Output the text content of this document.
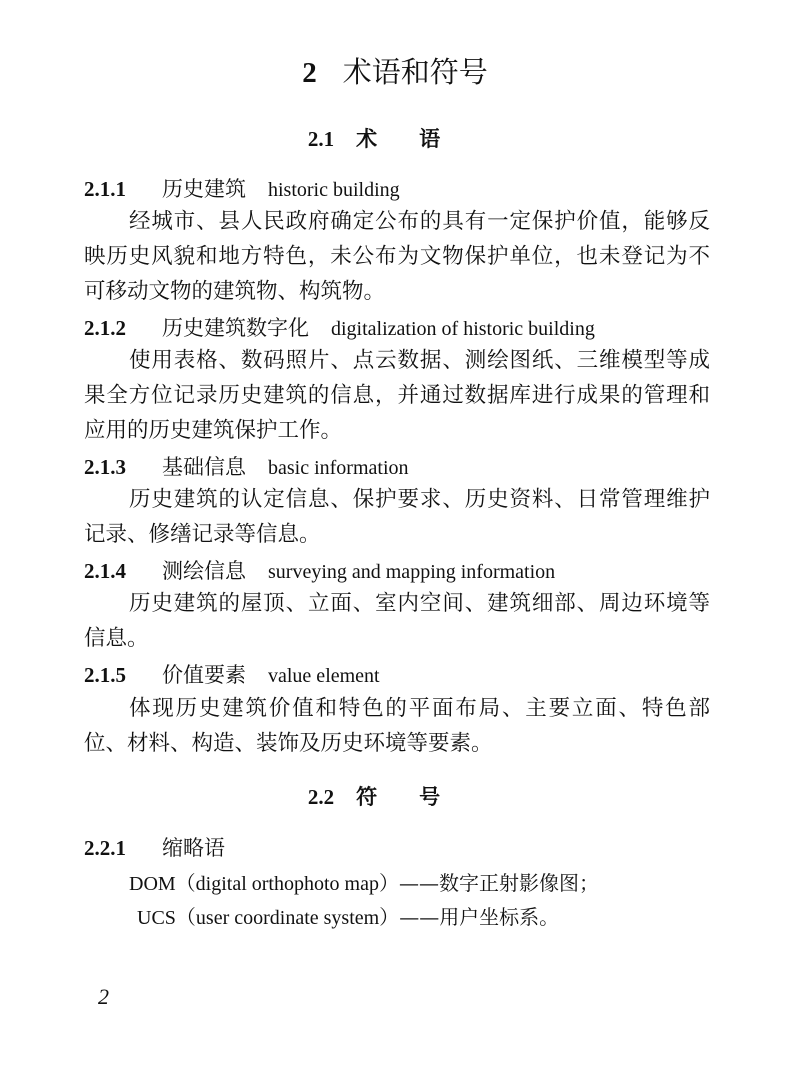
2 术语和符号
2.1 术语

2.1.1 历史建筑 historic building

经城市、县人民政府确定公布的具有一定保护价值，能够反

映历史风貌和地方特色，未公布为文物保护单位，也未登记为不

可移动文物的建筑物、构筑物。

2.1.2 历史建筑数字化 digitalization of historic building

使用表格、数码照片、点云数据、测绘图纸、三维模型等成

果全方位记录历史建筑的信息，并通过数据库进行成果的管理和

应用的历史建筑保护工作。

2.1.3 基础信息 basic information

历史建筑的认定信息、保护要求、历史资料、日常管理维护

记录、修缮记录等信息。

2.1.4 测绘信息 surveying and mapping information

历史建筑的屋顶、立面、室内空间、建筑细部、周边环境等

信息。

2.1.5 价值要素 value element

体现历史建筑价值和特色的平面布局、主要立面、特色部

位、材料、构造、装饰及历史环境等要素。

2.2 符号

2.2.1 缩略语

DOM（digital orthophoto map）——数字正射影像图；

UCS（user coordinate system）——用户坐标系。

2
